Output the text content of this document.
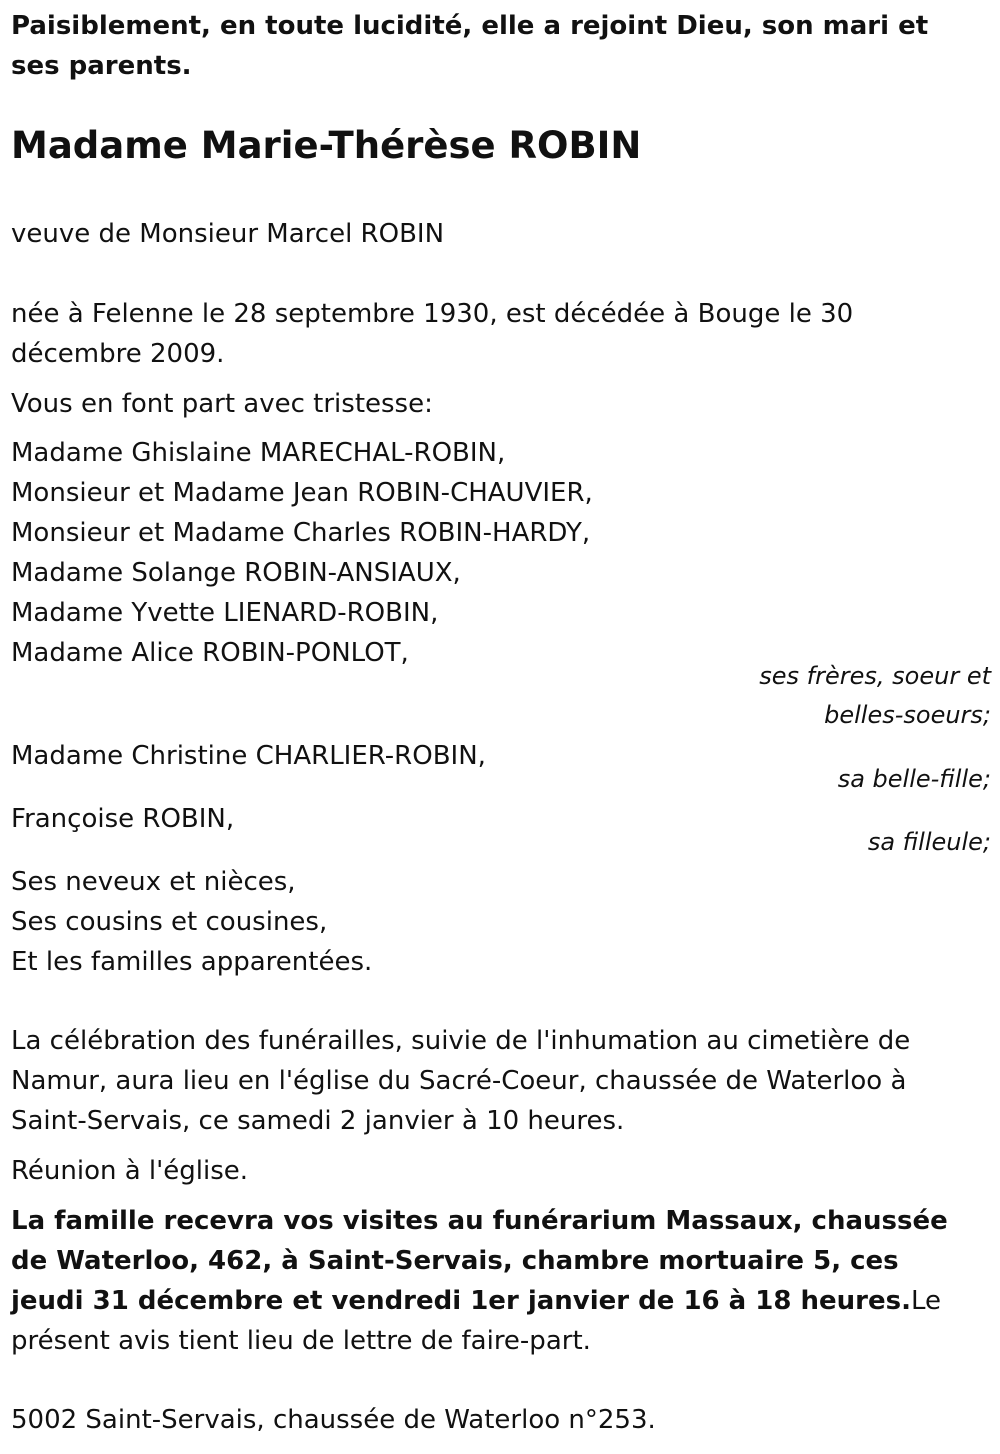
Paisiblement, en toute lucidité, elle a rejoint Dieu, son mari et ses parents.
Madame Marie-Thérèse ROBIN
veuve de Monsieur Marcel ROBIN
née à Felenne le 28 septembre 1930, est décédée à Bouge le 30 décembre 2009.
Vous en font part avec tristesse:
Madame Ghislaine MARECHAL-ROBIN,
Monsieur et Madame Jean ROBIN-CHAUVIER,
Monsieur et Madame Charles ROBIN-HARDY,
Madame Solange ROBIN-ANSIAUX,
Madame Yvette LIENARD-ROBIN,
Madame Alice ROBIN-PONLOT,
ses frères, soeur et
belles-soeurs;
Madame Christine CHARLIER-ROBIN,
sa belle-fille;
Françoise ROBIN,
sa filleule;
Ses neveux et nièces,
Ses cousins et cousines,
Et les familles apparentées.
La célébration des funérailles, suivie de l'inhumation au cimetière de Namur, aura lieu en l'église du Sacré-Coeur, chaussée de Waterloo à Saint-Servais, ce samedi 2 janvier à 10 heures.
Réunion à l'église.
La famille recevra vos visites au funérarium Massaux, chaussée de Waterloo, 462, à Saint-Servais, chambre mortuaire 5, ces jeudi 31 décembre et vendredi 1er janvier de 16 à 18 heures.Le présent avis tient lieu de lettre de faire-part.
5002 Saint-Servais, chaussée de Waterloo n°253.
